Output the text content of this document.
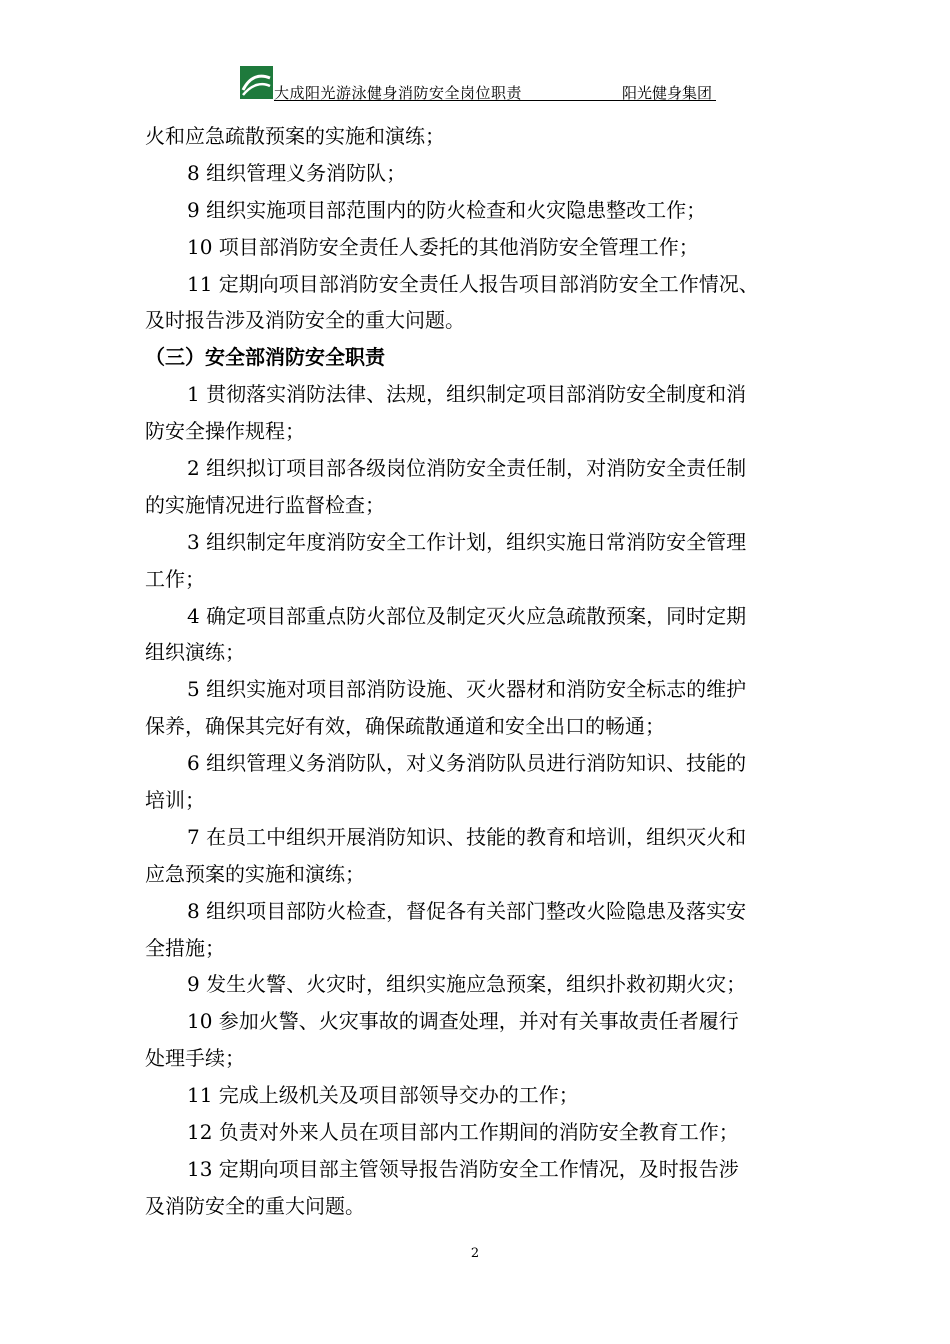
大成阳光游泳健身消防安全岗位职责	阳光健身集团
火和应急疏散预案的实施和演练；
8 组织管理义务消防队；
9 组织实施项目部范围内的防火检查和火灾隐患整改工作；
10 项目部消防安全责任人委托的其他消防安全管理工作；
11 定期向项目部消防安全责任人报告项目部消防安全工作情况、
及时报告涉及消防安全的重大问题。
（三）安全部消防安全职责
1 贯彻落实消防法律、法规，组织制定项目部消防安全制度和消
防安全操作规程；
2 组织拟订项目部各级岗位消防安全责任制，对消防安全责任制
的实施情况进行监督检查；
3 组织制定年度消防安全工作计划，组织实施日常消防安全管理
工作；
4 确定项目部重点防火部位及制定灭火应急疏散预案，同时定期
组织演练；
5 组织实施对项目部消防设施、灭火器材和消防安全标志的维护
保养，确保其完好有效，确保疏散通道和安全出口的畅通；
6 组织管理义务消防队，对义务消防队员进行消防知识、技能的
培训；
7 在员工中组织开展消防知识、技能的教育和培训，组织灭火和
应急预案的实施和演练；
8 组织项目部防火检查，督促各有关部门整改火险隐患及落实安
全措施；
9 发生火警、火灾时，组织实施应急预案，组织扑救初期火灾；
10 参加火警、火灾事故的调查处理，并对有关事故责任者履行
处理手续；
11 完成上级机关及项目部领导交办的工作；
12 负责对外来人员在项目部内工作期间的消防安全教育工作；
13 定期向项目部主管领导报告消防安全工作情况，及时报告涉
及消防安全的重大问题。
2
